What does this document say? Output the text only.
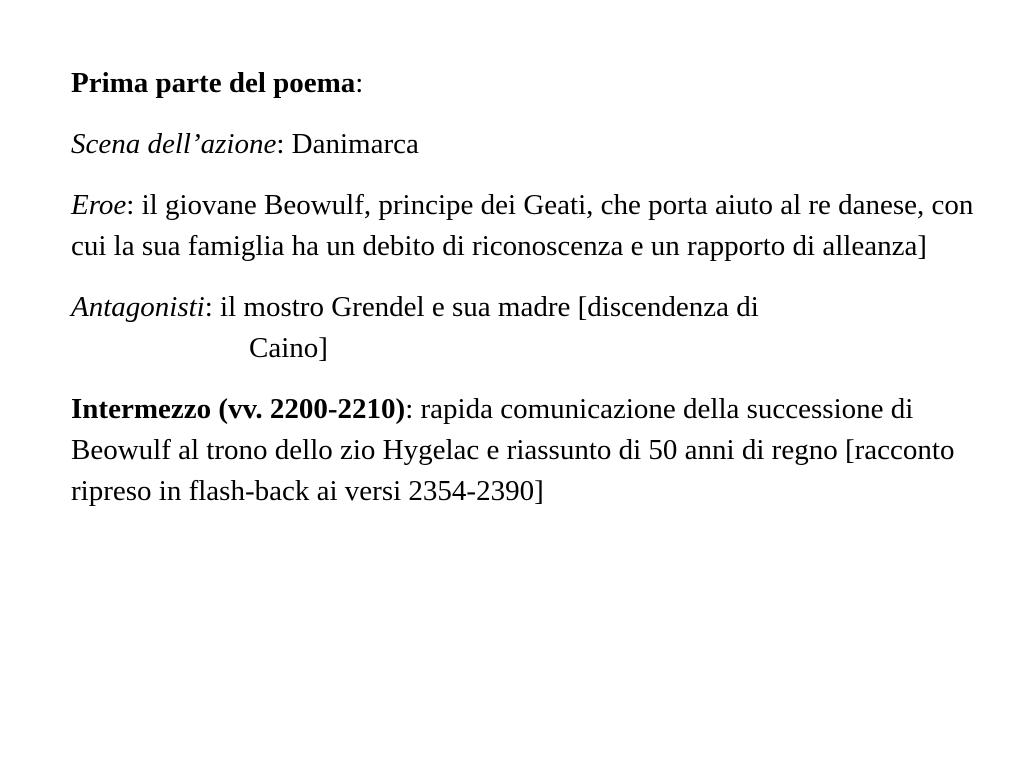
Prima parte del poema:

Scena dell’azione: Danimarca

Eroe: il giovane Beowulf, principe dei Geati, che porta aiuto al re danese, con cui la sua famiglia ha un debito di riconoscenza e un rapporto di alleanza]

Antagonisti: il mostro Grendel e sua madre [discendenza di
Caino]

Intermezzo (vv. 2200-2210): rapida comunicazione della successione di Beowulf al trono dello zio Hygelac e riassunto di 50 anni di regno [racconto ripreso in flash-back ai versi 2354-2390]
